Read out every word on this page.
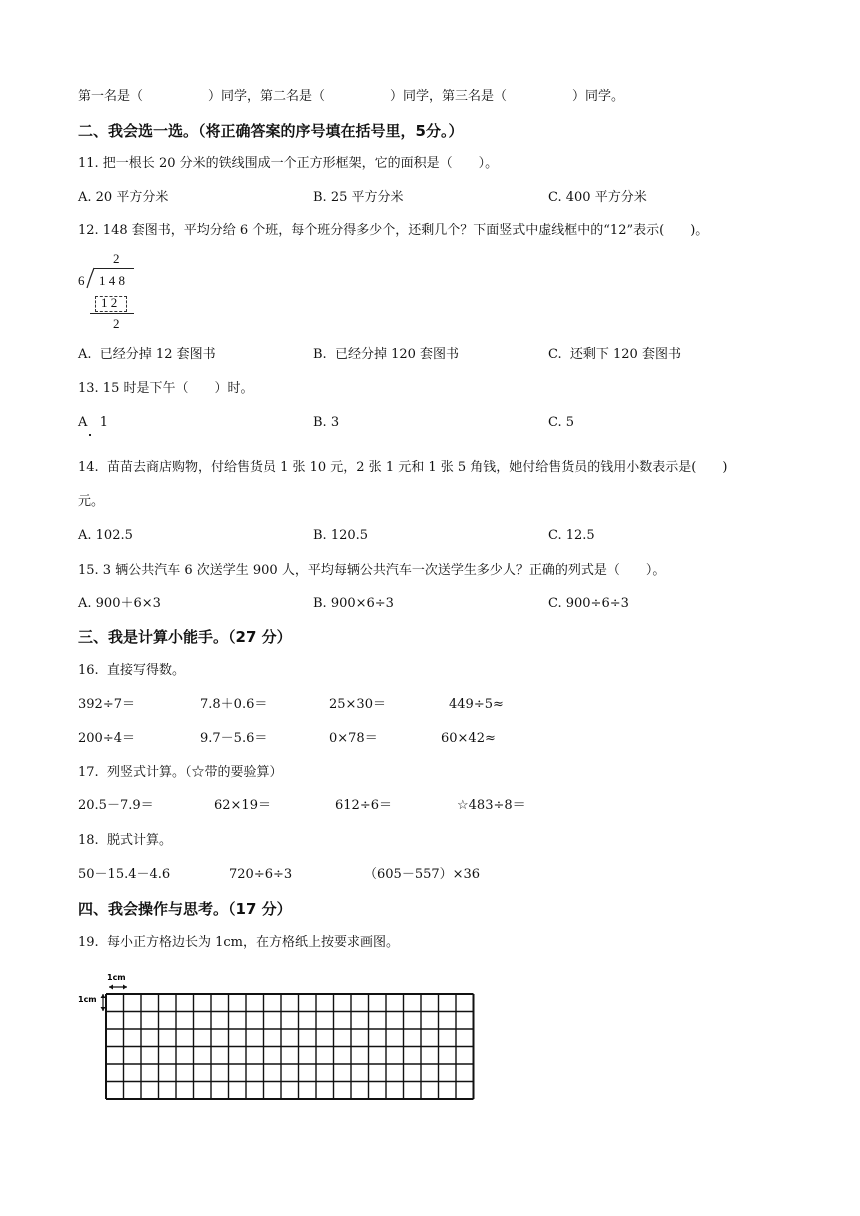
第一名是（　　　　　）同学，第二名是（　　　　　）同学，第三名是（　　　　　）同学。
二、我会选一选。（将正确答案的序号填在括号里，5分。）
11. 把一根长 20 分米的铁线围成一个正方形框架，它的面积是（　　）。
A. 20 平方分米	B. 25 平方分米	C. 400 平方分米
12. 148 套图书，平均分给 6 个班，每个班分得多少个，还剩几个？下面竖式中虚线框中的“12”表示(　　)。
2
6 1 4 8
1 2
2
A.  已经分掉 12 套图书	B.  已经分掉 120 套图书	C.  还剩下 120 套图书
13. 15 时是下午（　　）时。
A   1	B. 3	C. 5
14.  苗苗去商店购物，付给售货员 1 张 10 元，2 张 1 元和 1 张 5 角钱，她付给售货员的钱用小数表示是(　　)
元。
A. 102.5	B. 120.5	C. 12.5
15. 3 辆公共汽车 6 次送学生 900 人，平均每辆公共汽车一次送学生多少人？正确的列式是（　　）。
A. 900＋6×3	B. 900×6÷3	C. 900÷6÷3
三、我是计算小能手。（27 分）
16.  直接写得数。
392÷7＝	7.8＋0.6＝	25×30＝	449÷5≈
200÷4＝	9.7－5.6＝	0×78＝	60×42≈
17.  列竖式计算。（☆带的要验算）
20.5－7.9＝	62×19＝	612÷6＝	☆483÷8＝
18.  脱式计算。
50－15.4－4.6	720÷6÷3	（605－557）×36
四、我会操作与思考。（17 分）
19.  每小正方格边长为 1cm，在方格纸上按要求画图。
1cm
1cm
